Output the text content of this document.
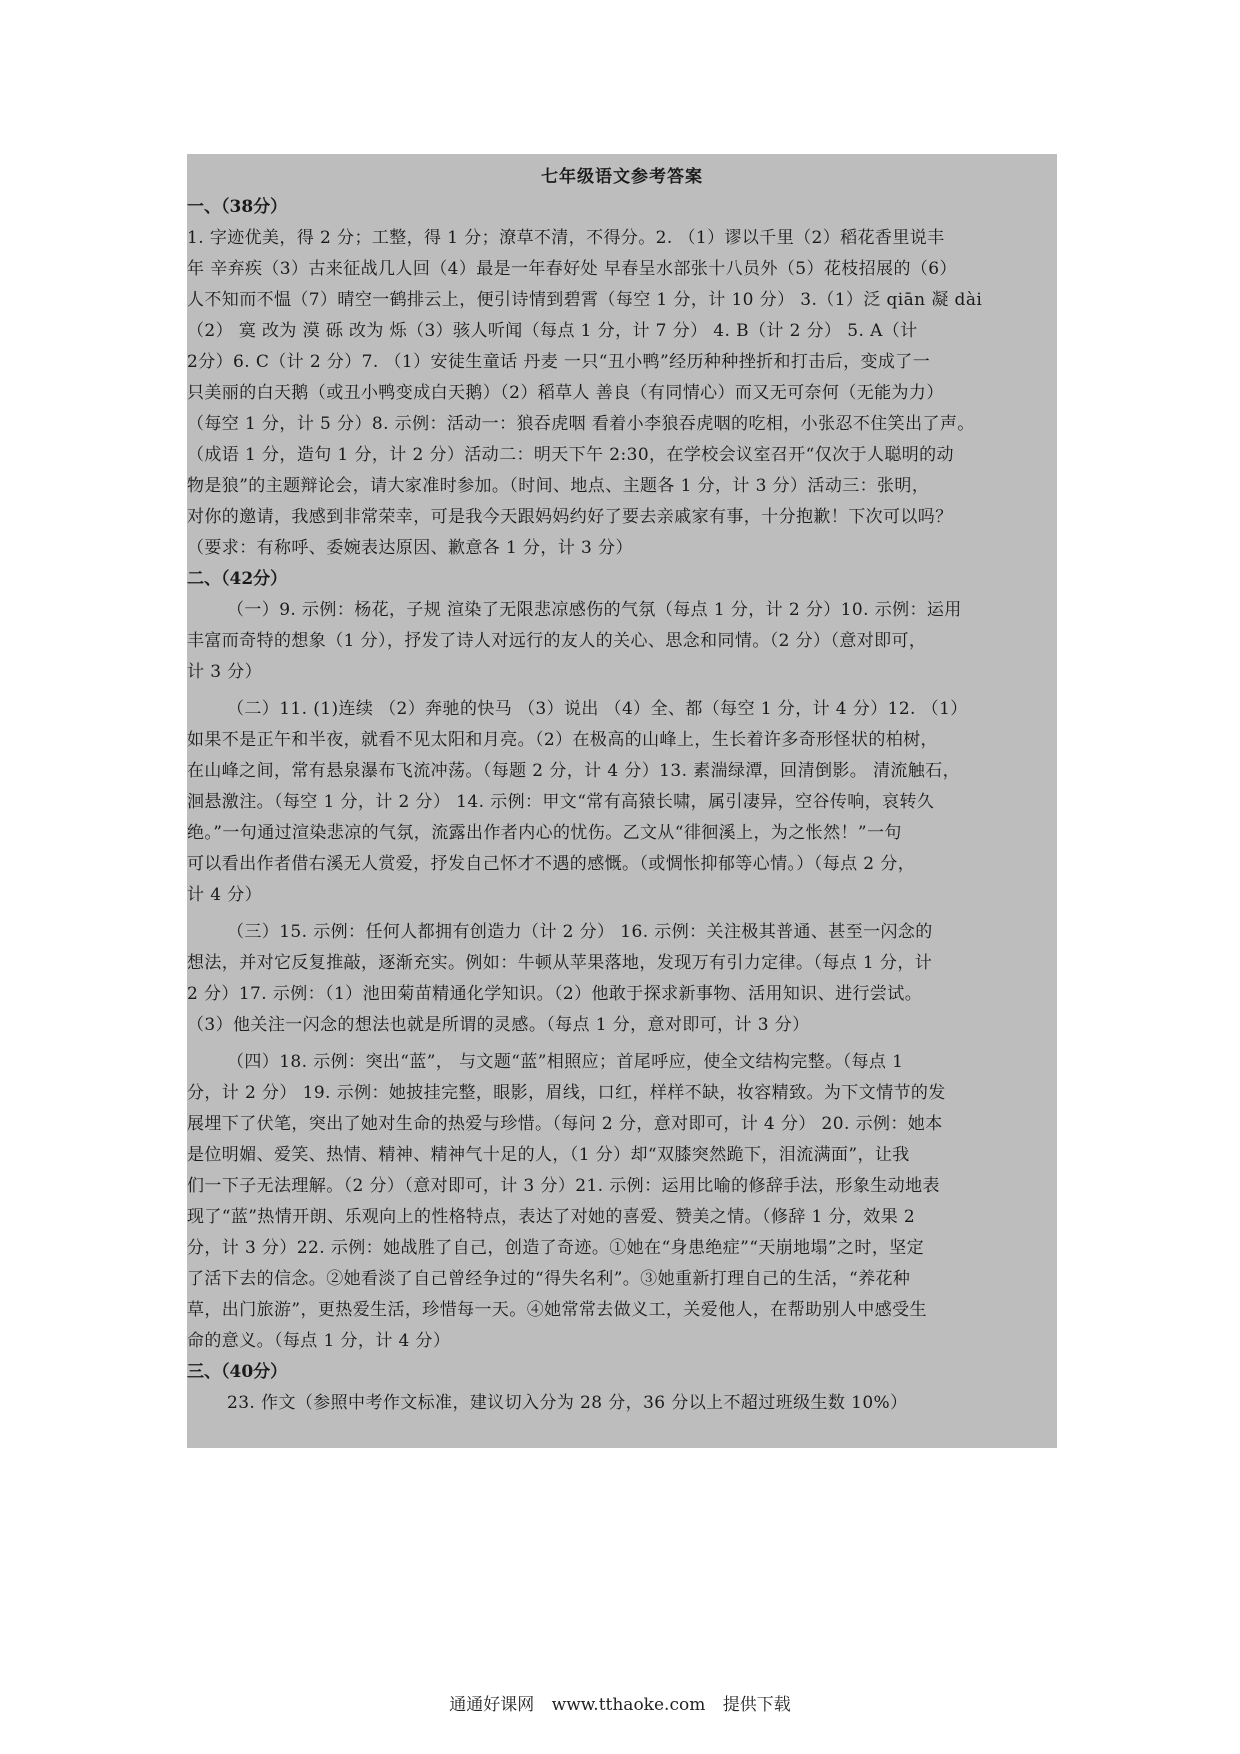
七年级语文参考答案
一、（38分）
1. 字迹优美，得 2 分；工整，得 1 分；潦草不清，不得分。2. （1）谬以千里（2）稻花香里说丰
年 辛弃疾（3）古来征战几人回（4）最是一年春好处 早春呈水部张十八员外（5）花枝招展的（6）
人不知而不愠（7）晴空一鹤排云上，便引诗情到碧霄（每空 1 分，计 10 分） 3.（1）泛 qiān 凝 dài
（2） 寞 改为 漠 砾 改为 烁（3）骇人听闻（每点 1 分，计 7 分） 4. B（计 2 分） 5. A（计
2分）6. C（计 2 分）7. （1）安徒生童话 丹麦 一只“丑小鸭”经历种种挫折和打击后，变成了一
只美丽的白天鹅（或丑小鸭变成白天鹅）（2）稻草人 善良（有同情心）而又无可奈何（无能为力）
（每空 1 分，计 5 分）8. 示例：活动一：狼吞虎咽 看着小李狼吞虎咽的吃相，小张忍不住笑出了声。
（成语 1 分，造句 1 分，计 2 分）活动二：明天下午 2:30，在学校会议室召开“仅次于人聪明的动
物是狼”的主题辩论会，请大家准时参加。（时间、地点、主题各 1 分，计 3 分）活动三：张明，
对你的邀请，我感到非常荣幸，可是我今天跟妈妈约好了要去亲戚家有事，十分抱歉！下次可以吗？
（要求：有称呼、委婉表达原因、歉意各 1 分，计 3 分）
二、（42分）
（一）9. 示例：杨花，子规 渲染了无限悲凉感伤的气氛（每点 1 分，计 2 分）10. 示例：运用
丰富而奇特的想象（1 分），抒发了诗人对远行的友人的关心、思念和同情。（2 分）（意对即可，
计 3 分）
（二）11. (1)连续 （2）奔驰的快马 （3）说出 （4）全、都（每空 1 分，计 4 分）12. （1）
如果不是正午和半夜，就看不见太阳和月亮。（2）在极高的山峰上，生长着许多奇形怪状的柏树，
在山峰之间，常有悬泉瀑布飞流冲荡。（每题 2 分，计 4 分）13. 素湍绿潭，回清倒影。 清流触石，
洄悬激注。（每空 1 分，计 2 分） 14. 示例：甲文“常有高猿长啸，属引凄异，空谷传响，哀转久
绝。”一句通过渲染悲凉的气氛，流露出作者内心的忧伤。乙文从“徘徊溪上，为之怅然！”一句
可以看出作者借右溪无人赏爱，抒发自己怀才不遇的感慨。（或惆怅抑郁等心情。）（每点 2 分，
计 4 分）
（三）15. 示例：任何人都拥有创造力（计 2 分） 16. 示例：关注极其普通、甚至一闪念的
想法，并对它反复推敲，逐渐充实。例如：牛顿从苹果落地，发现万有引力定律。（每点 1 分，计
2 分）17. 示例：（1）池田菊苗精通化学知识。（2）他敢于探求新事物、活用知识、进行尝试。
（3）他关注一闪念的想法也就是所谓的灵感。（每点 1 分，意对即可，计 3 分）
（四）18. 示例：突出“蓝”， 与文题“蓝”相照应；首尾呼应，使全文结构完整。（每点 1
分，计 2 分） 19. 示例：她披挂完整，眼影，眉线，口红，样样不缺，妆容精致。为下文情节的发
展埋下了伏笔，突出了她对生命的热爱与珍惜。（每问 2 分，意对即可，计 4 分） 20. 示例：她本
是位明媚、爱笑、热情、精神、精神气十足的人，（1 分）却“双膝突然跪下，泪流满面”，让我
们一下子无法理解。（2 分）（意对即可，计 3 分）21. 示例：运用比喻的修辞手法，形象生动地表
现了“蓝”热情开朗、乐观向上的性格特点，表达了对她的喜爱、赞美之情。（修辞 1 分，效果 2
分，计 3 分）22. 示例：她战胜了自己，创造了奇迹。①她在“身患绝症”“天崩地塌”之时，坚定
了活下去的信念。②她看淡了自己曾经争过的“得失名利”。③她重新打理自己的生活，“养花种
草，出门旅游”，更热爱生活，珍惜每一天。④她常常去做义工，关爱他人，在帮助别人中感受生
命的意义。（每点 1 分，计 4 分）
三、（40分）
23. 作文（参照中考作文标准，建议切入分为 28 分，36 分以上不超过班级生数 10%）
通通好课网 www.tthaoke.com 提供下载
